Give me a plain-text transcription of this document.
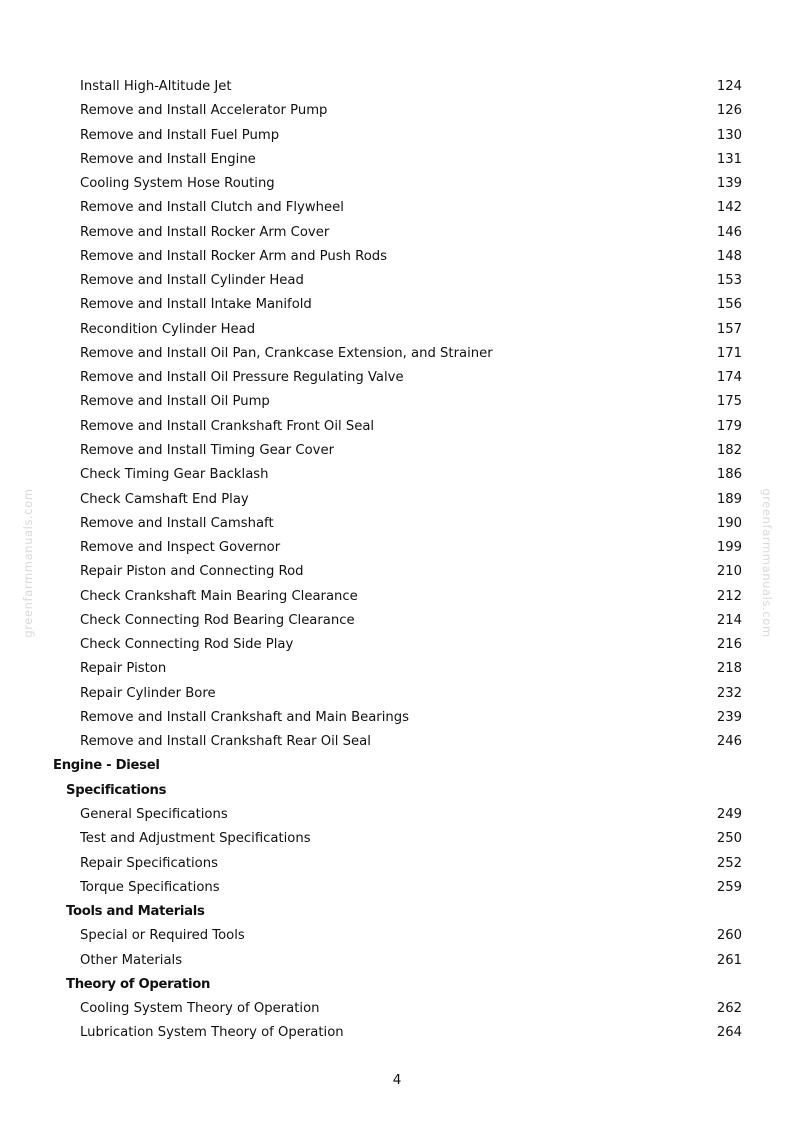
Install High-Altitude Jet	124
Remove and Install Accelerator Pump	126
Remove and Install Fuel Pump	130
Remove and Install Engine	131
Cooling System Hose Routing	139
Remove and Install Clutch and Flywheel	142
Remove and Install Rocker Arm Cover	146
Remove and Install Rocker Arm and Push Rods	148
Remove and Install Cylinder Head	153
Remove and Install Intake Manifold	156
Recondition Cylinder Head	157
Remove and Install Oil Pan, Crankcase Extension, and Strainer	171
Remove and Install Oil Pressure Regulating Valve	174
Remove and Install Oil Pump	175
Remove and Install Crankshaft Front Oil Seal	179
Remove and Install Timing Gear Cover	182
Check Timing Gear Backlash	186
Check Camshaft End Play	189
Remove and Install Camshaft	190
Remove and Inspect Governor	199
Repair Piston and Connecting Rod	210
Check Crankshaft Main Bearing Clearance	212
Check Connecting Rod Bearing Clearance	214
Check Connecting Rod Side Play	216
Repair Piston	218
Repair Cylinder Bore	232
Remove and Install Crankshaft and Main Bearings	239
Remove and Install Crankshaft Rear Oil Seal	246
Engine - Diesel
Specifications
General Specifications	249
Test and Adjustment Specifications	250
Repair Specifications	252
Torque Specifications	259
Tools and Materials
Special or Required Tools	260
Other Materials	261
Theory of Operation
Cooling System Theory of Operation	262
Lubrication System Theory of Operation	264
greenfarmmanuals.com	greenfarmmanuals.com
4
